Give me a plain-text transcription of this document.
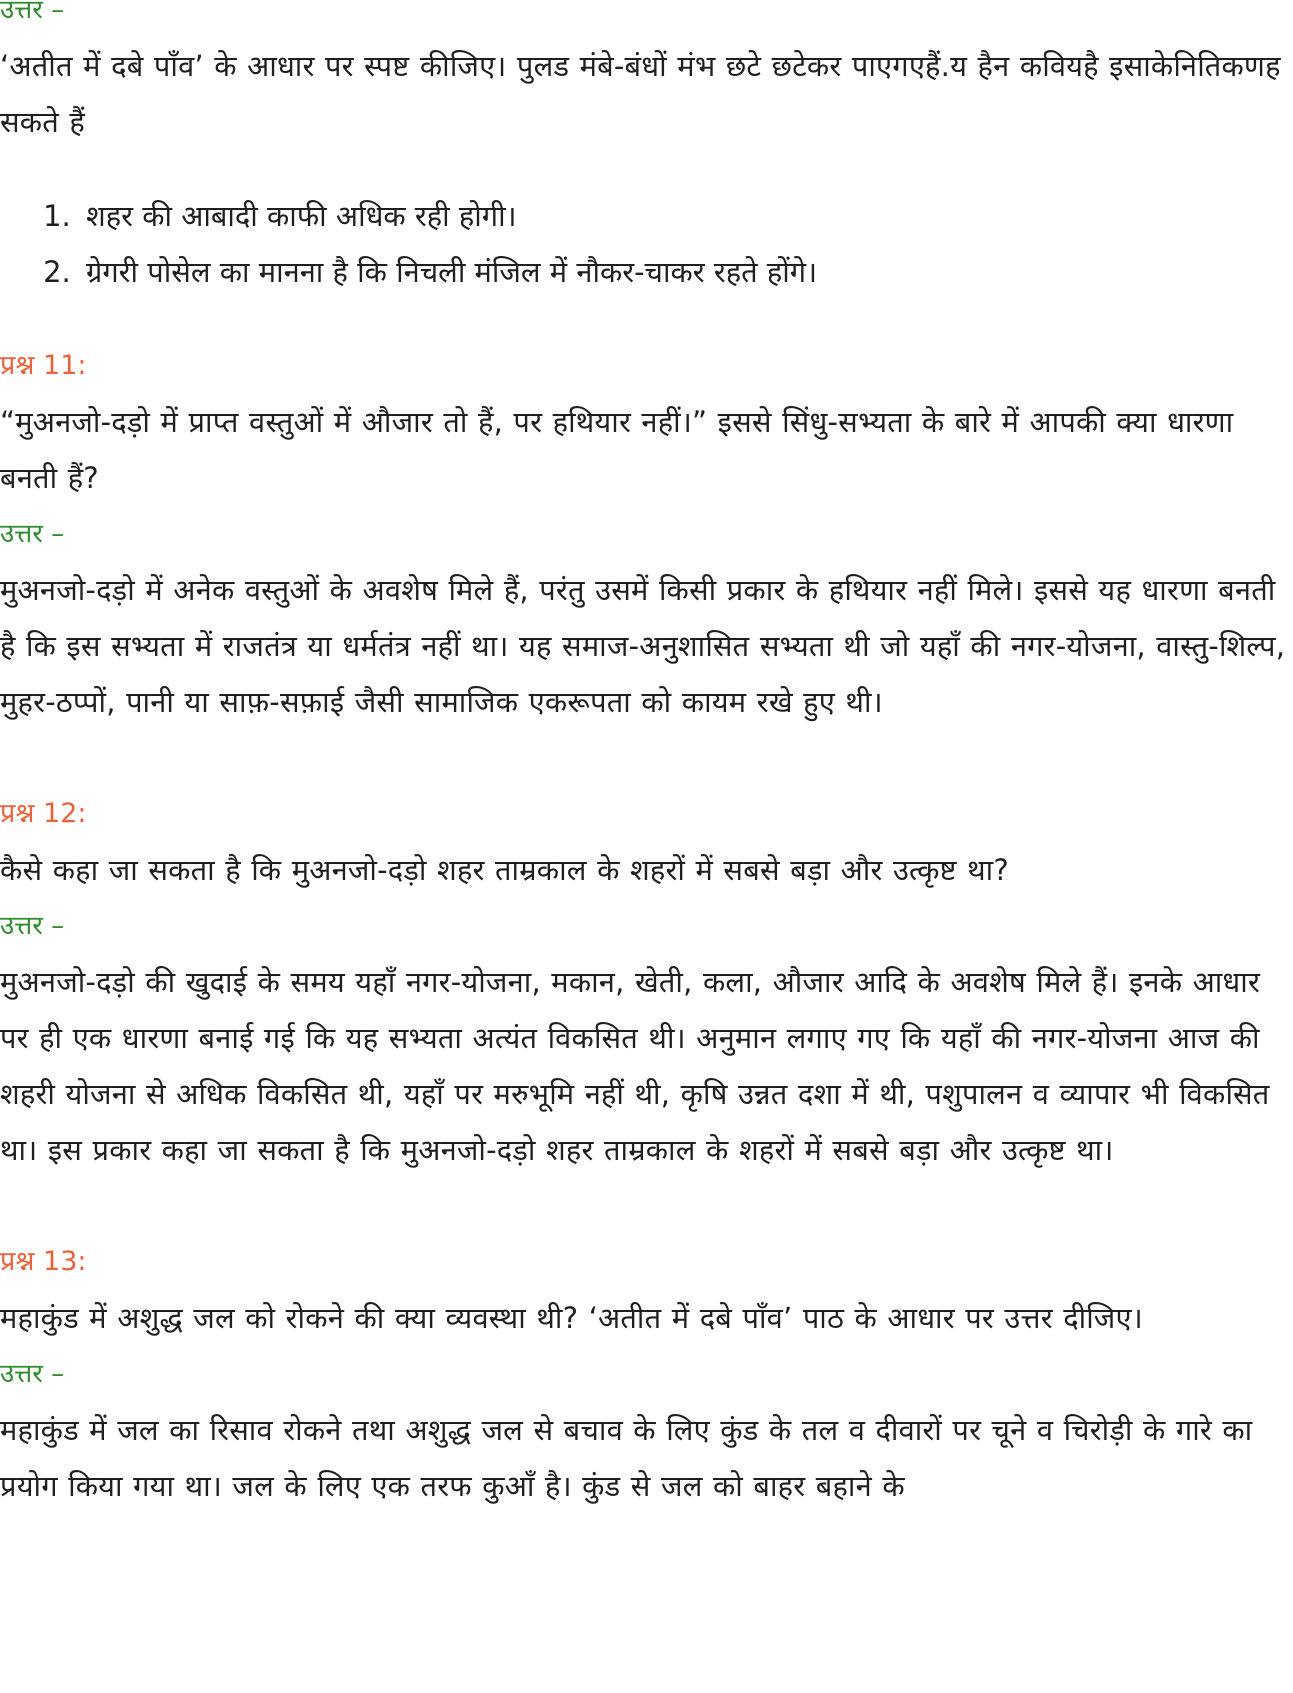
उत्तर –

‘अतीत में दबे पाँव’ के आधार पर स्पष्ट कीजिए। पुलड मंबे-बंधों मंभ छटे छटेकर पाएगएहैं.य हैन कवियहै इसाकेनितिकणह सकते हैं

1. शहर की आबादी काफी अधिक रही होगी।
2. ग्रेगरी पोसेल का मानना है कि निचली मंजिल में नौकर-चाकर रहते होंगे।
प्रश्न 11:

“मुअनजो-दड़ो में प्राप्त वस्तुओं में औजार तो हैं, पर हथियार नहीं।” इससे सिंधु-सभ्यता के बारे में आपकी क्या धारणा बनती हैं?

उत्तर –

मुअनजो-दड़ो में अनेक वस्तुओं के अवशेष मिले हैं, परंतु उसमें किसी प्रकार के हथियार नहीं मिले। इससे यह धारणा बनती है कि इस सभ्यता में राजतंत्र या धर्मतंत्र नहीं था। यह समाज-अनुशासित सभ्यता थी जो यहाँ की नगर-योजना, वास्तु-शिल्प, मुहर-ठप्पों, पानी या साफ़-सफ़ाई जैसी सामाजिक एकरूपता को कायम रखे हुए थी।

प्रश्न 12:

कैसे कहा जा सकता है कि मुअनजो-दड़ो शहर ताम्रकाल के शहरों में सबसे बड़ा और उत्कृष्ट था?

उत्तर –

मुअनजो-दड़ो की खुदाई के समय यहाँ नगर-योजना, मकान, खेती, कला, औजार आदि के अवशेष मिले हैं। इनके आधार पर ही एक धारणा बनाई गई कि यह सभ्यता अत्यंत विकसित थी। अनुमान लगाए गए कि यहाँ की नगर-योजना आज की शहरी योजना से अधिक विकसित थी, यहाँ पर मरुभूमि नहीं थी, कृषि उन्नत दशा में थी, पशुपालन व व्यापार भी विकसित था। इस प्रकार कहा जा सकता है कि मुअनजो-दड़ो शहर ताम्रकाल के शहरों में सबसे बड़ा और उत्कृष्ट था।

प्रश्न 13:

महाकुंड में अशुद्ध जल को रोकने की क्या व्यवस्था थी? ‘अतीत में दबे पाँव’ पाठ के आधार पर उत्तर दीजिए।

उत्तर –

महाकुंड में जल का रिसाव रोकने तथा अशुद्ध जल से बचाव के लिए कुंड के तल व दीवारों पर चूने व चिरोड़ी के गारे का प्रयोग किया गया था। जल के लिए एक तरफ कुआँ है। कुंड से जल को बाहर बहाने के
